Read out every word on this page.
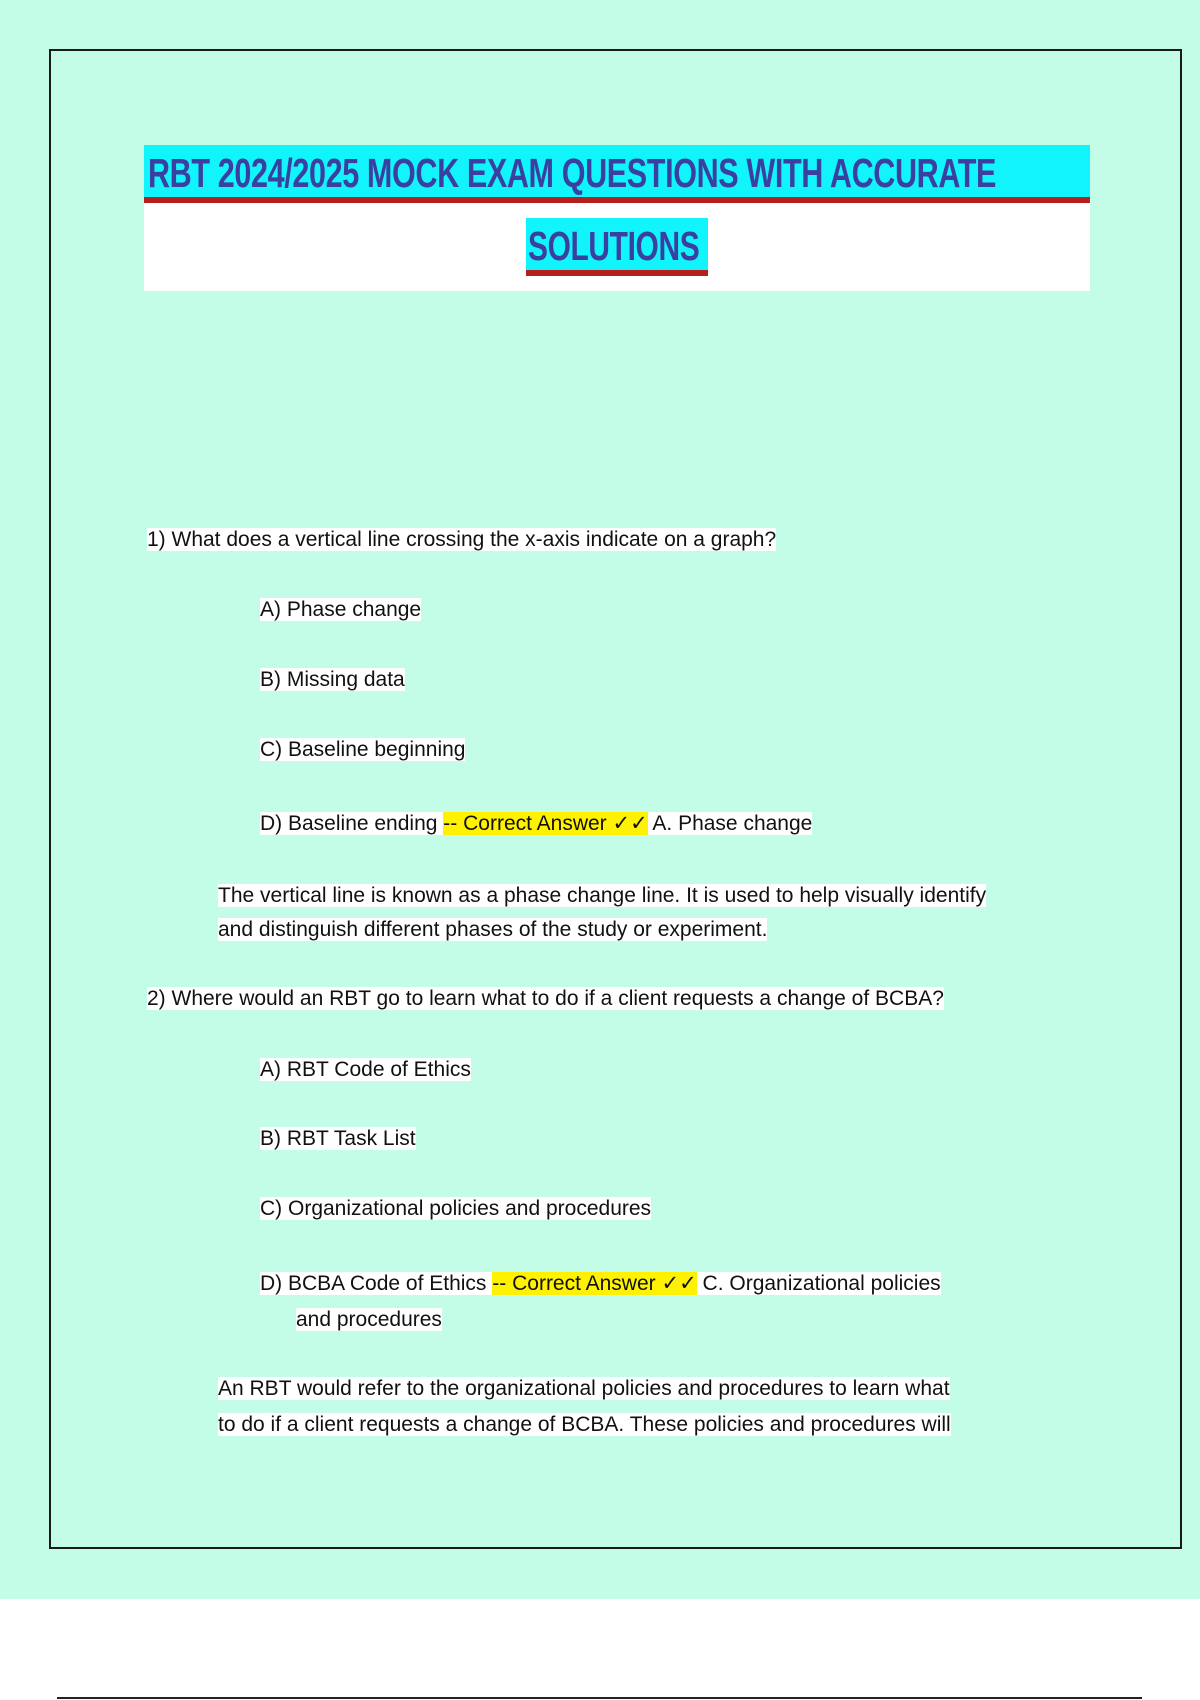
RBT 2024/2025 MOCK EXAM QUESTIONS WITH ACCURATE
SOLUTIONS
1) What does a vertical line crossing the x-axis indicate on a graph?
A) Phase change
B) Missing data
C) Baseline beginning
D) Baseline ending -- Correct Answer ✓✓ A. Phase change
The vertical line is known as a phase change line. It is used to help visually identify
and distinguish different phases of the study or experiment.
2) Where would an RBT go to learn what to do if a client requests a change of BCBA?
A) RBT Code of Ethics
B) RBT Task List
C) Organizational policies and procedures
D) BCBA Code of Ethics -- Correct Answer ✓✓ C. Organizational policies
and procedures
An RBT would refer to the organizational policies and procedures to learn what
to do if a client requests a change of BCBA. These policies and procedures will
